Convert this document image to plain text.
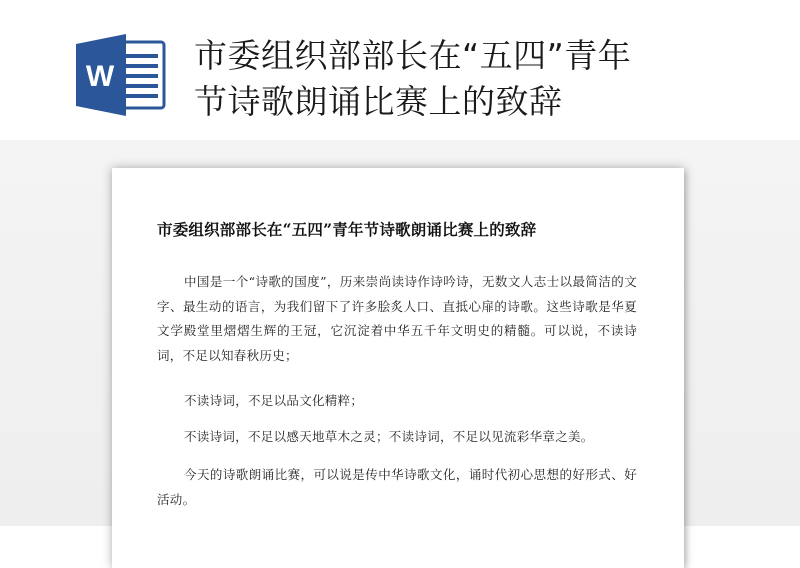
W
市委组织部部长在“五四”青年
节诗歌朗诵比赛上的致辞
市委组织部部长在“五四”青年节诗歌朗诵比赛上的致辞
中国是一个“诗歌的国度”，历来崇尚读诗作诗吟诗，无数文人志士以最简洁的文字、最生动的语言，为我们留下了许多脍炙人口、直抵心扉的诗歌。这些诗歌是华夏文学殿堂里熠熠生辉的王冠，它沉淀着中华五千年文明史的精髓。可以说，不读诗词，不足以知春秋历史；
不读诗词，不足以品文化精粹；
不读诗词，不足以感天地草木之灵；不读诗词，不足以见流彩华章之美。
今天的诗歌朗诵比赛，可以说是传中华诗歌文化，诵时代初心思想的好形式、好活动。
